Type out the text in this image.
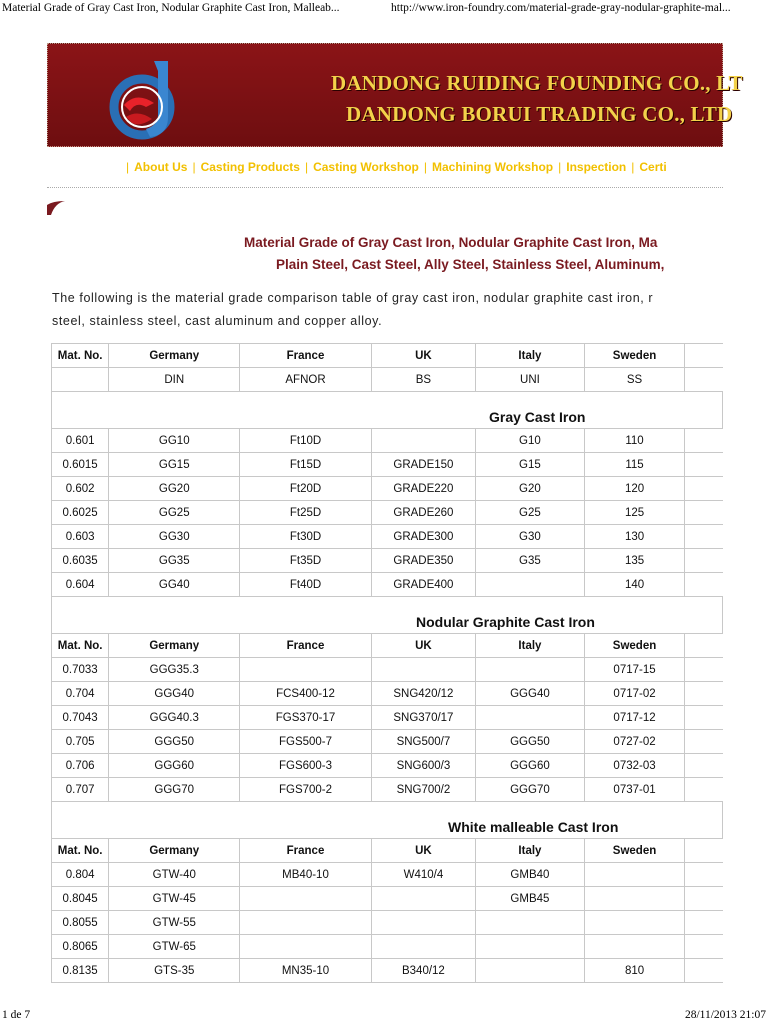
Material Grade of Gray Cast Iron, Nodular Graphite Cast Iron, Malleab...	http://www.iron-foundry.com/material-grade-gray-nodular-graphite-mal...
DANDONG RUIDING FOUNDING CO., LT
DANDONG BORUI TRADING CO., LTD
| About Us | Casting Products | Casting Workshop | Machining Workshop | Inspection | Certi
Material Grade of Gray Cast Iron, Nodular Graphite Cast Iron, Ma
Plain Steel, Cast Steel, Ally Steel, Stainless Steel, Aluminum,
The following is the material grade comparison table of gray cast iron, nodular graphite cast iron, r
steel, stainless steel, cast aluminum and copper alloy.
Mat. No.	Germany	France	UK	Italy	Sweden	
	DIN	AFNOR	BS	UNI	SS	
Gray Cast Iron						
0.601	GG10	Ft10D		G10	110	
0.6015	GG15	Ft15D	GRADE150	G15	115	
0.602	GG20	Ft20D	GRADE220	G20	120	
0.6025	GG25	Ft25D	GRADE260	G25	125	
0.603	GG30	Ft30D	GRADE300	G30	130	
0.6035	GG35	Ft35D	GRADE350	G35	135	
0.604	GG40	Ft40D	GRADE400		140	
Nodular Graphite Cast Iron						
Mat. No.	Germany	France	UK	Italy	Sweden	
0.7033	GGG35.3				0717-15	
0.704	GGG40	FCS400-12	SNG420/12	GGG40	0717-02	
0.7043	GGG40.3	FGS370-17	SNG370/17		0717-12	
0.705	GGG50	FGS500-7	SNG500/7	GGG50	0727-02	
0.706	GGG60	FGS600-3	SNG600/3	GGG60	0732-03	
0.707	GGG70	FGS700-2	SNG700/2	GGG70	0737-01	
White malleable Cast Iron						
Mat. No.	Germany	France	UK	Italy	Sweden	
0.804	GTW-40	MB40-10	W410/4	GMB40		
0.8045	GTW-45			GMB45		
0.8055	GTW-55					
0.8065	GTW-65					
0.8135	GTS-35	MN35-10	B340/12		810	
1 de 7	28/11/2013 21:07
